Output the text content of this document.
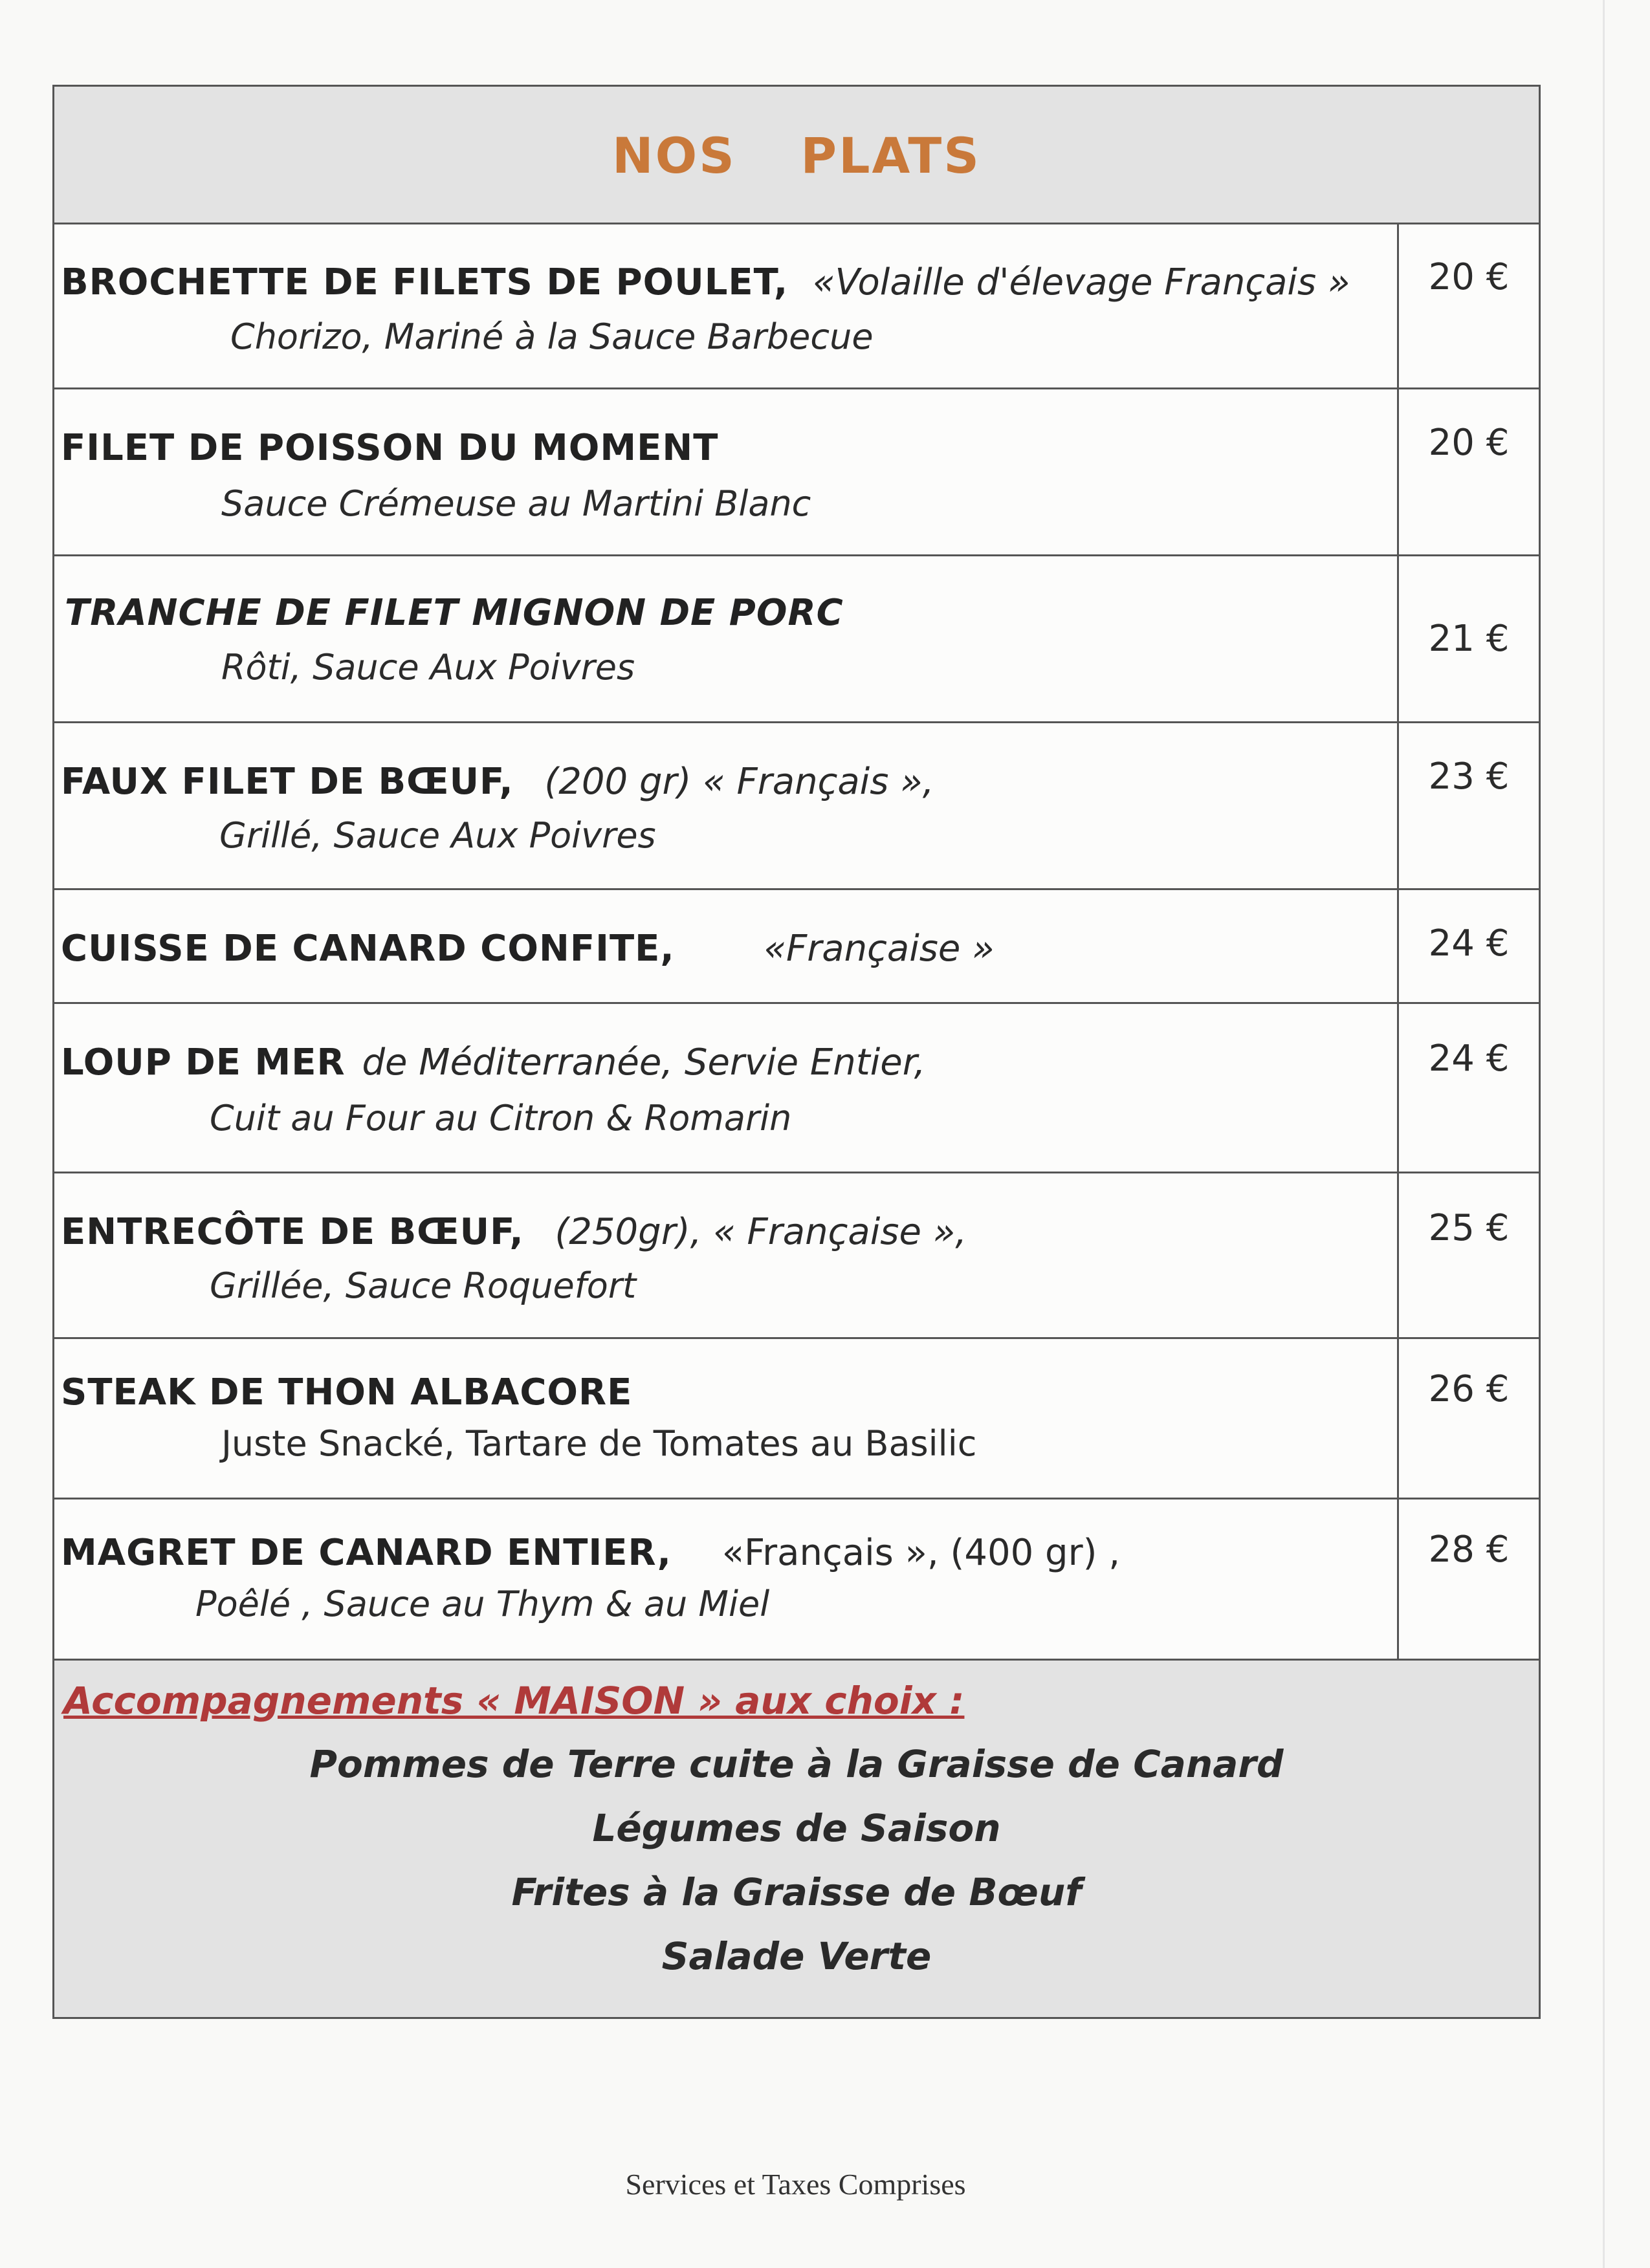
NOS PLATS
BROCHETTE DE FILETS DE POULET, «Volaille d'élevage Français »
Chorizo, Mariné à la Sauce Barbecue
20 €
FILET DE POISSON DU MOMENT
Sauce Crémeuse au Martini Blanc
20 €
TRANCHE DE FILET MIGNON DE PORC
Rôti, Sauce Aux Poivres
21 €
FAUX FILET DE BŒUF, (200 gr) « Français »,
Grillé, Sauce Aux Poivres
23 €
CUISSE DE CANARD CONFITE, «Française »	24 €
LOUP DE MER de Méditerranée, Servie Entier,
Cuit au Four au Citron & Romarin
24 €
ENTRECÔTE DE BŒUF, (250gr), « Française »,
Grillée, Sauce Roquefort
25 €
STEAK DE THON ALBACORE
Juste Snacké, Tartare de Tomates au Basilic
26 €
MAGRET DE CANARD ENTIER, «Français », (400 gr) ,
Poêlé , Sauce au Thym & au Miel
28 €
Accompagnements « MAISON » aux choix :
Pommes de Terre cuite à la Graisse de Canard
Légumes de Saison
Frites à la Graisse de Bœuf
Salade Verte
Services et Taxes Comprises
